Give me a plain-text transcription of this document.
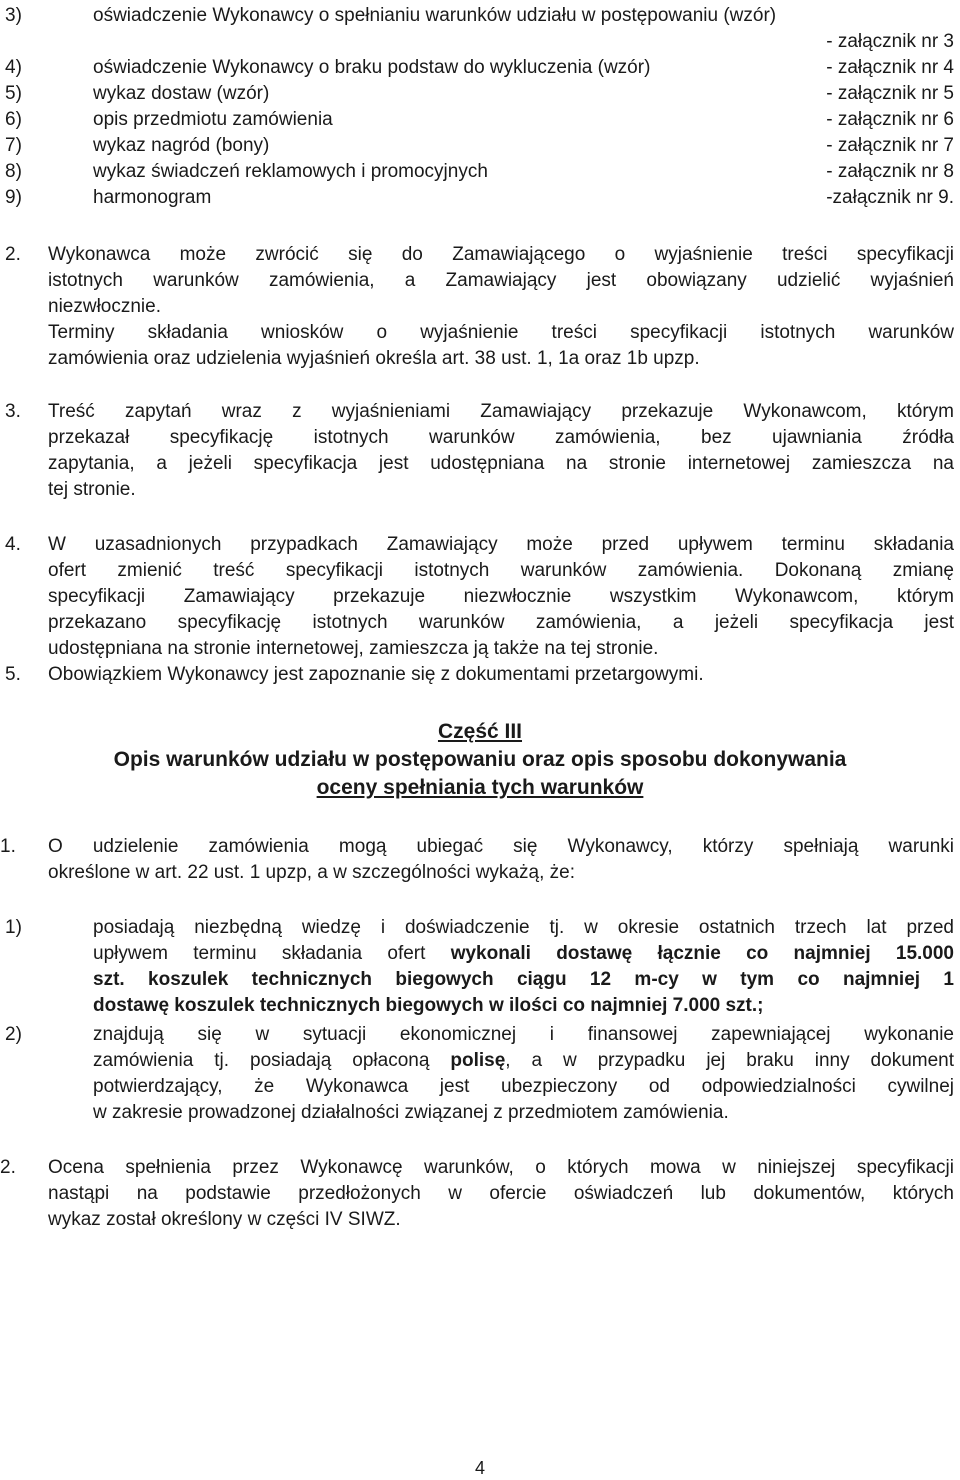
3)	oświadczenie Wykonawcy o spełnianiu warunków udziału w postępowaniu (wzór)
- załącznik nr 3
4)	oświadczenie Wykonawcy o braku podstaw do wykluczenia (wzór)	- załącznik nr 4
5)	wykaz dostaw (wzór)	- załącznik nr 5
6)	opis przedmiotu zamówienia	- załącznik nr 6
7)	wykaz nagród (bony)	- załącznik nr 7
8)	wykaz świadczeń reklamowych i promocyjnych	- załącznik nr 8
9)	harmonogram	-załącznik nr 9.
2. Wykonawca może zwrócić się do Zamawiającego o wyjaśnienie treści specyfikacji
istotnych warunków zamówienia, a Zamawiający jest obowiązany udzielić wyjaśnień
niezwłocznie.
Terminy składania wniosków o wyjaśnienie treści specyfikacji istotnych warunków
zamówienia oraz udzielenia wyjaśnień określa art. 38 ust. 1, 1a oraz 1b upzp.
3. Treść zapytań wraz z wyjaśnieniami Zamawiający przekazuje Wykonawcom, którym
przekazał specyfikację istotnych warunków zamówienia, bez ujawniania źródła
zapytania, a jeżeli specyfikacja jest udostępniana na stronie internetowej zamieszcza na
tej stronie.
4. W uzasadnionych przypadkach Zamawiający może przed upływem terminu składania
ofert zmienić treść specyfikacji istotnych warunków zamówienia. Dokonaną zmianę
specyfikacji Zamawiający przekazuje niezwłocznie wszystkim Wykonawcom, którym
przekazano specyfikację istotnych warunków zamówienia, a jeżeli specyfikacja jest
udostępniana na stronie internetowej, zamieszcza ją także na tej stronie.
5. Obowiązkiem Wykonawcy jest zapoznanie się z dokumentami przetargowymi.
Część III
Opis warunków udziału w postępowaniu oraz opis sposobu dokonywania
oceny spełniania tych warunków
1. O udzielenie zamówienia mogą ubiegać się Wykonawcy, którzy spełniają warunki
określone w art. 22 ust. 1 upzp, a w szczególności wykażą, że:
1)	posiadają niezbędną wiedzę i doświadczenie tj. w okresie ostatnich trzech lat przed
upływem terminu składania ofert wykonali dostawę łącznie co najmniej 15.000
szt. koszulek technicznych biegowych ciągu 12 m-cy w tym co najmniej 1
dostawę koszulek technicznych biegowych w ilości co najmniej 7.000 szt.;
2)	znajdują się w sytuacji ekonomicznej i finansowej zapewniającej wykonanie
zamówienia tj. posiadają opłaconą polisę, a w przypadku jej braku inny dokument
potwierdzający, że Wykonawca jest ubezpieczony od odpowiedzialności cywilnej
w zakresie prowadzonej działalności związanej z przedmiotem zamówienia.
2. Ocena spełnienia przez Wykonawcę warunków, o których mowa w niniejszej specyfikacji
nastąpi na podstawie przedłożonych w ofercie oświadczeń lub dokumentów, których
wykaz został określony w części IV SIWZ.
4
